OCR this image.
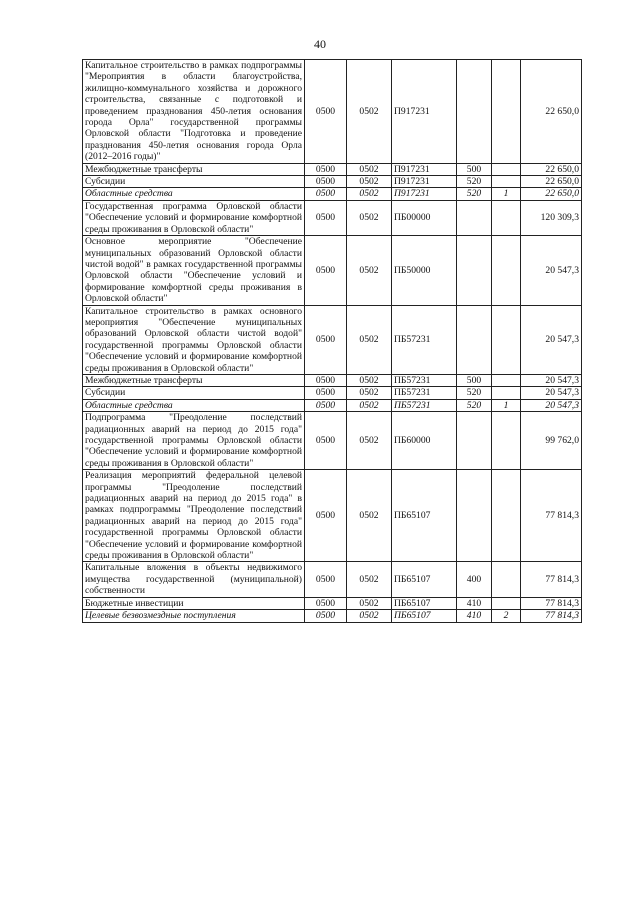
40
Капитальное строительство в рамках подпрограммы "Мероприятия в области благоустройства, жилищно-коммунального хозяйства и дорожного строительства, связанные с подготовкой и проведением празднования 450-летия основания города Орла" государственной программы Орловской области "Подготовка и проведение празднования 450-летия основания города Орла (2012–2016 годы)"	0500	0502	П917231			22 650,0
Межбюджетные трансферты	0500	0502	П917231	500		22 650,0
Субсидии	0500	0502	П917231	520		22 650,0
Областные средства	0500	0502	П917231	520	1	22 650,0
Государственная программа Орловской области "Обеспечение условий и формирование комфортной среды проживания в Орловской области"	0500	0502	ПБ00000			120 309,3
Основное мероприятие "Обеспечение муниципальных образований Орловской области чистой водой" в рамках государственной программы Орловской области "Обеспечение условий и формирование комфортной среды проживания в Орловской области"	0500	0502	ПБ50000			20 547,3
Капитальное строительство в рамках основного мероприятия "Обеспечение муниципальных образований Орловской области чистой водой" государственной программы Орловской области "Обеспечение условий и формирование комфортной среды проживания в Орловской области"	0500	0502	ПБ57231			20 547,3
Межбюджетные трансферты	0500	0502	ПБ57231	500		20 547,3
Субсидии	0500	0502	ПБ57231	520		20 547,3
Областные средства	0500	0502	ПБ57231	520	1	20 547,3
Подпрограмма "Преодоление последствий радиационных аварий на период до 2015 года" государственной программы Орловской области "Обеспечение условий и формирование комфортной среды проживания в Орловской области"	0500	0502	ПБ60000			99 762,0
Реализация мероприятий федеральной целевой программы "Преодоление последствий радиационных аварий на период до 2015 года" в рамках подпрограммы "Преодоление последствий радиационных аварий на период до 2015 года" государственной программы Орловской области "Обеспечение условий и формирование комфортной среды проживания в Орловской области"	0500	0502	ПБ65107			77 814,3
Капитальные вложения в объекты недвижимого имущества государственной (муниципальной) собственности	0500	0502	ПБ65107	400		77 814,3
Бюджетные инвестиции	0500	0502	ПБ65107	410		77 814,3
Целевые безвозмездные поступления	0500	0502	ПБ65107	410	2	77 814,3
